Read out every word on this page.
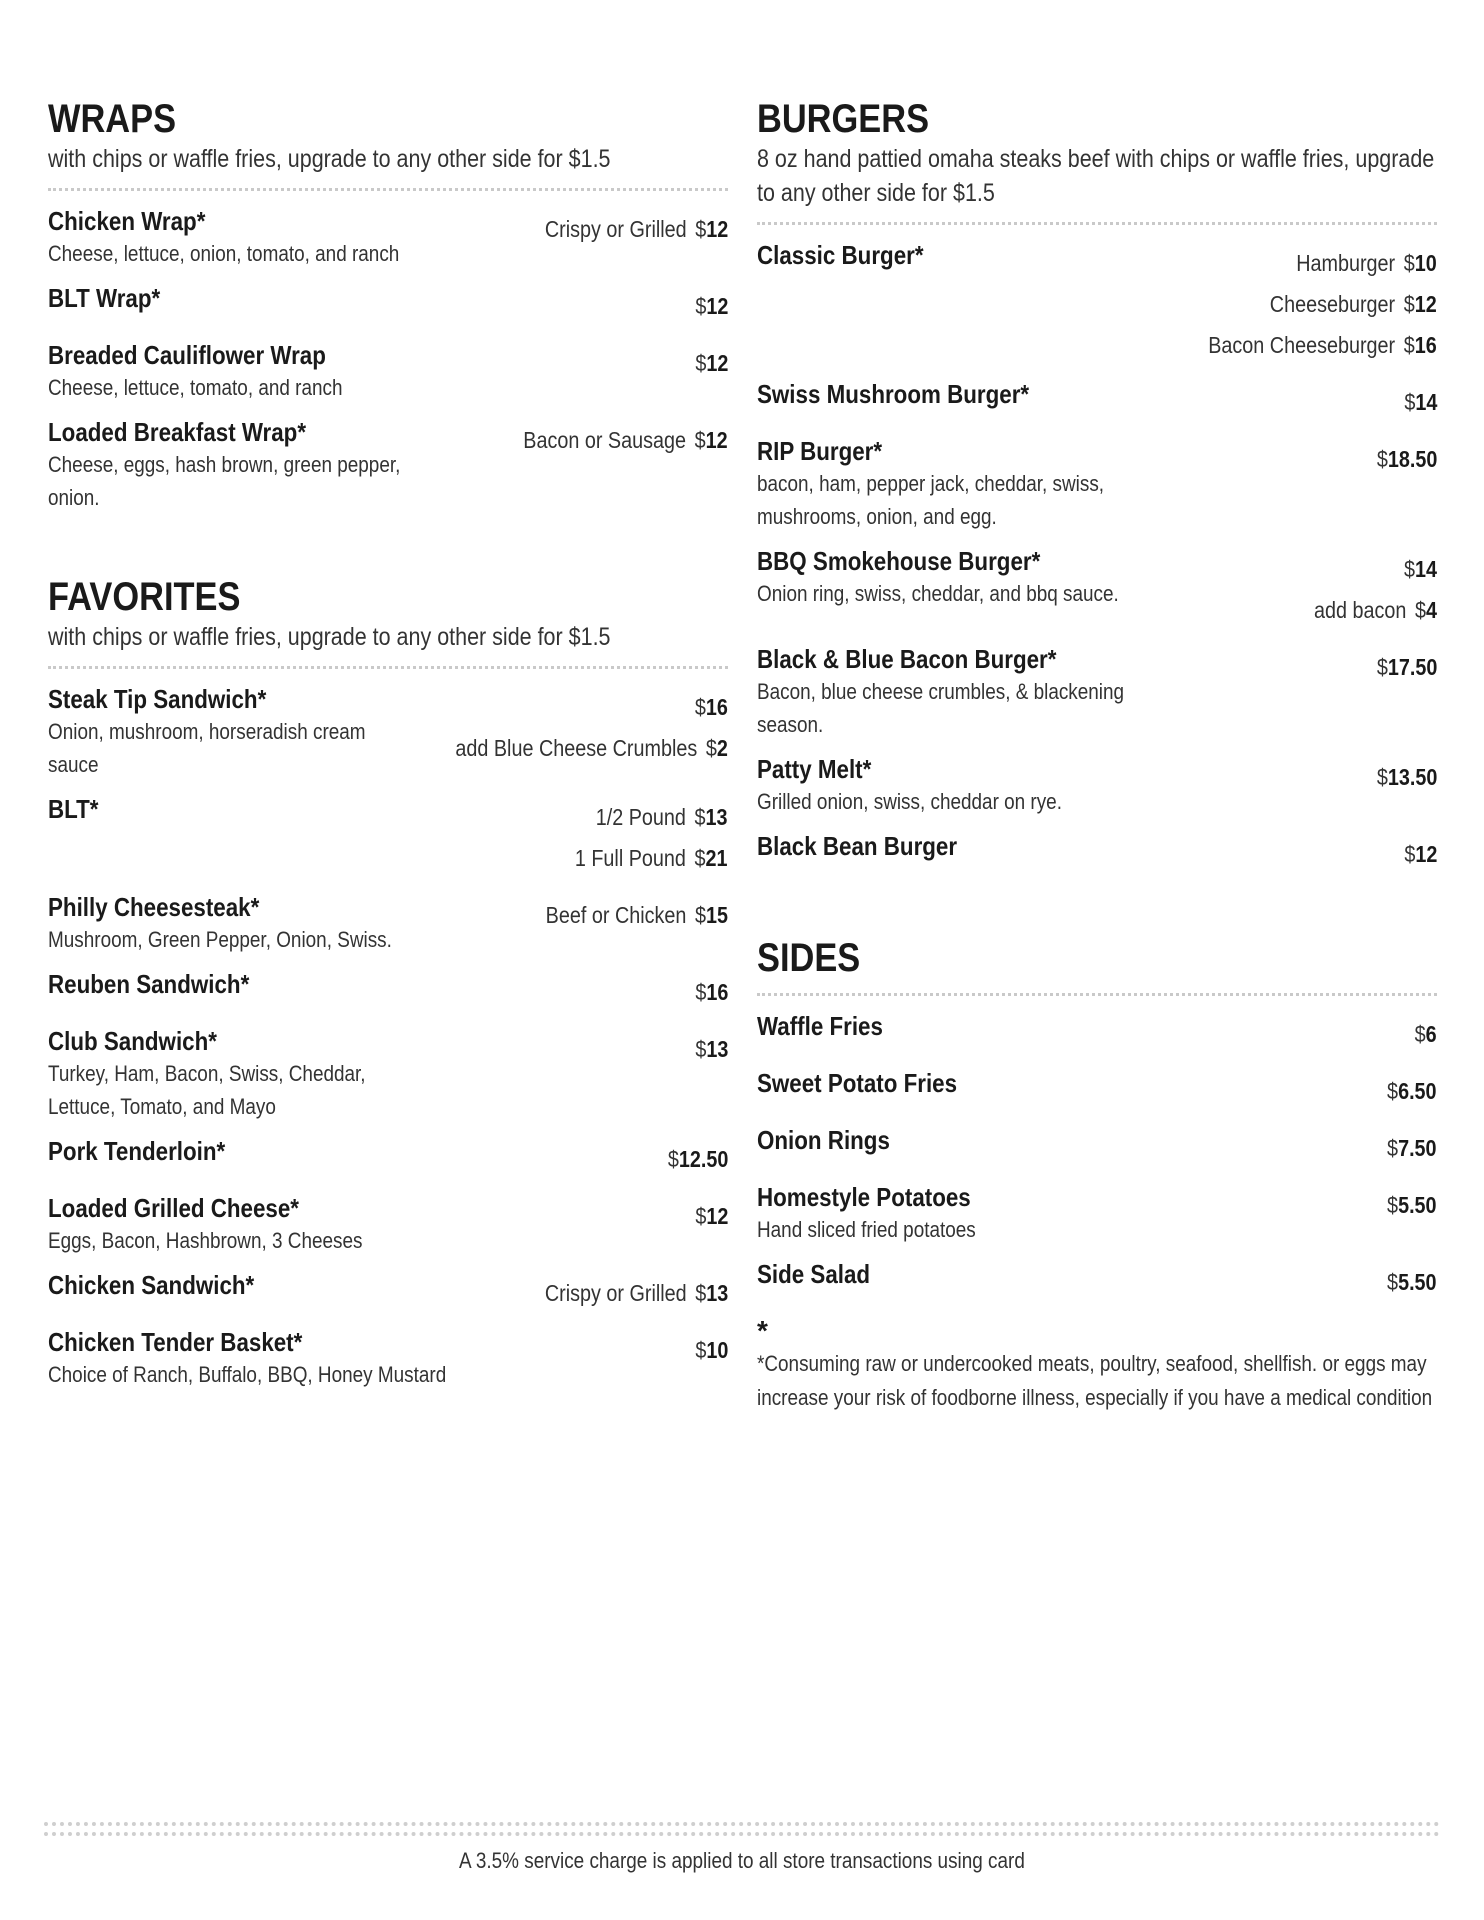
WRAPS
with chips or waffle fries, upgrade to any other side for $1.5
Chicken Wrap*
Cheese, lettuce, onion, tomato, and ranch
Crispy or Grilled $12
BLT Wrap*	$12
Breaded Cauliflower Wrap
Cheese, lettuce, tomato, and ranch
$12
Loaded Breakfast Wrap*
Cheese, eggs, hash brown, green pepper, onion.
Bacon or Sausage $12
FAVORITES
with chips or waffle fries, upgrade to any other side for $1.5
Steak Tip Sandwich*
Onion, mushroom, horseradish cream sauce
$16
add Blue Cheese Crumbles $2
BLT*	1/2 Pound $13
1 Full Pound $21
Philly Cheesesteak*
Mushroom, Green Pepper, Onion, Swiss.
Beef or Chicken $15
Reuben Sandwich*	$16
Club Sandwich*
Turkey, Ham, Bacon, Swiss, Cheddar, Lettuce, Tomato, and Mayo
$13
Pork Tenderloin*	$12.50
Loaded Grilled Cheese*
Eggs, Bacon, Hashbrown, 3 Cheeses
$12
Chicken Sandwich*	Crispy or Grilled $13
Chicken Tender Basket*
Choice of Ranch, Buffalo, BBQ, Honey Mustard
$10
BURGERS
8 oz hand pattied omaha steaks beef with chips or waffle fries, upgrade to any other side for $1.5
Classic Burger*	Hamburger $10
Cheeseburger $12
Bacon Cheeseburger $16
Swiss Mushroom Burger*	$14
RIP Burger*
bacon, ham, pepper jack, cheddar, swiss, mushrooms, onion, and egg.
$18.50
BBQ Smokehouse Burger*
Onion ring, swiss, cheddar, and bbq sauce.
$14
add bacon $4
Black & Blue Bacon Burger*
Bacon, blue cheese crumbles, & blackening season.
$17.50
Patty Melt*
Grilled onion, swiss, cheddar on rye.
$13.50
Black Bean Burger	$12
SIDES
Waffle Fries	$6
Sweet Potato Fries	$6.50
Onion Rings	$7.50
Homestyle Potatoes
Hand sliced fried potatoes
$5.50
Side Salad	$5.50
*
*Consuming raw or undercooked meats, poultry, seafood, shellfish. or eggs may increase your risk of foodborne illness, especially if you have a medical condition
A 3.5% service charge is applied to all store transactions using card
